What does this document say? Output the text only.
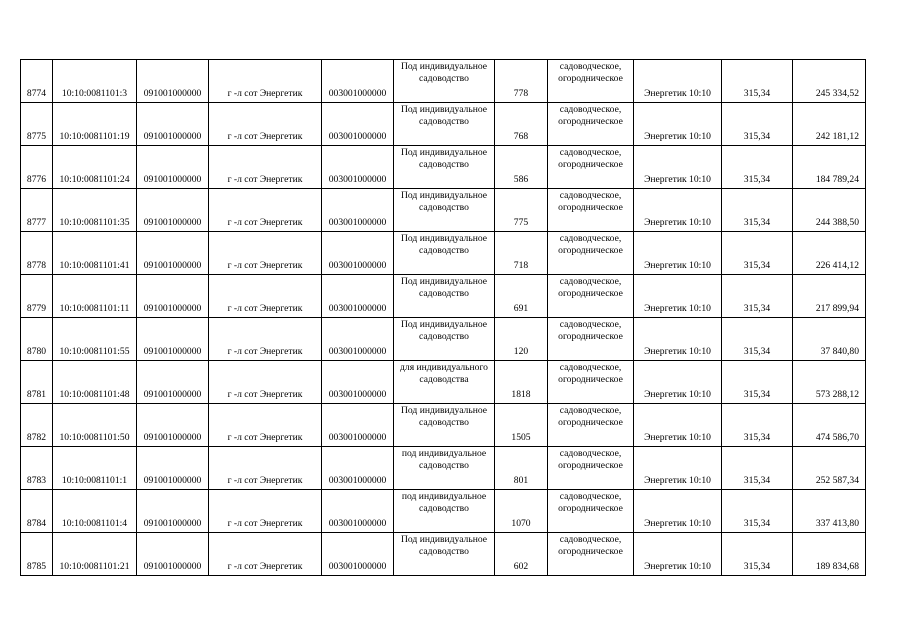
8774	10:10:0081101:3	091001000000	г -л сот Энергетик	003001000000	Под индивидуальное садоводство	778	садоводческое, огородническое	Энергетик 10:10	315,34	245 334,52
8775	10:10:0081101:19	091001000000	г -л сот Энергетик	003001000000	Под индивидуальное садоводство	768	садоводческое, огородническое	Энергетик 10:10	315,34	242 181,12
8776	10:10:0081101:24	091001000000	г -л сот Энергетик	003001000000	Под индивидуальное садоводство	586	садоводческое, огородническое	Энергетик 10:10	315,34	184 789,24
8777	10:10:0081101:35	091001000000	г -л сот Энергетик	003001000000	Под индивидуальное садоводство	775	садоводческое, огородническое	Энергетик 10:10	315,34	244 388,50
8778	10:10:0081101:41	091001000000	г -л сот Энергетик	003001000000	Под индивидуальное садоводство	718	садоводческое, огородническое	Энергетик 10:10	315,34	226 414,12
8779	10:10:0081101:11	091001000000	г -л сот Энергетик	003001000000	Под индивидуальное садоводство	691	садоводческое, огородническое	Энергетик 10:10	315,34	217 899,94
8780	10:10:0081101:55	091001000000	г -л сот Энергетик	003001000000	Под индивидуальное садоводство	120	садоводческое, огородническое	Энергетик 10:10	315,34	37 840,80
8781	10:10:0081101:48	091001000000	г -л сот Энергетик	003001000000	для индивидуального садоводства	1818	садоводческое, огородническое	Энергетик 10:10	315,34	573 288,12
8782	10:10:0081101:50	091001000000	г -л сот Энергетик	003001000000	Под индивидуальное садоводство	1505	садоводческое, огородническое	Энергетик 10:10	315,34	474 586,70
8783	10:10:0081101:1	091001000000	г -л сот Энергетик	003001000000	под индивидуальное садоводство	801	садоводческое, огородническое	Энергетик 10:10	315,34	252 587,34
8784	10:10:0081101:4	091001000000	г -л сот Энергетик	003001000000	под индивидуальное садоводство	1070	садоводческое, огородническое	Энергетик 10:10	315,34	337 413,80
8785	10:10:0081101:21	091001000000	г -л сот Энергетик	003001000000	Под индивидуальное садоводство	602	садоводческое, огородническое	Энергетик 10:10	315,34	189 834,68
